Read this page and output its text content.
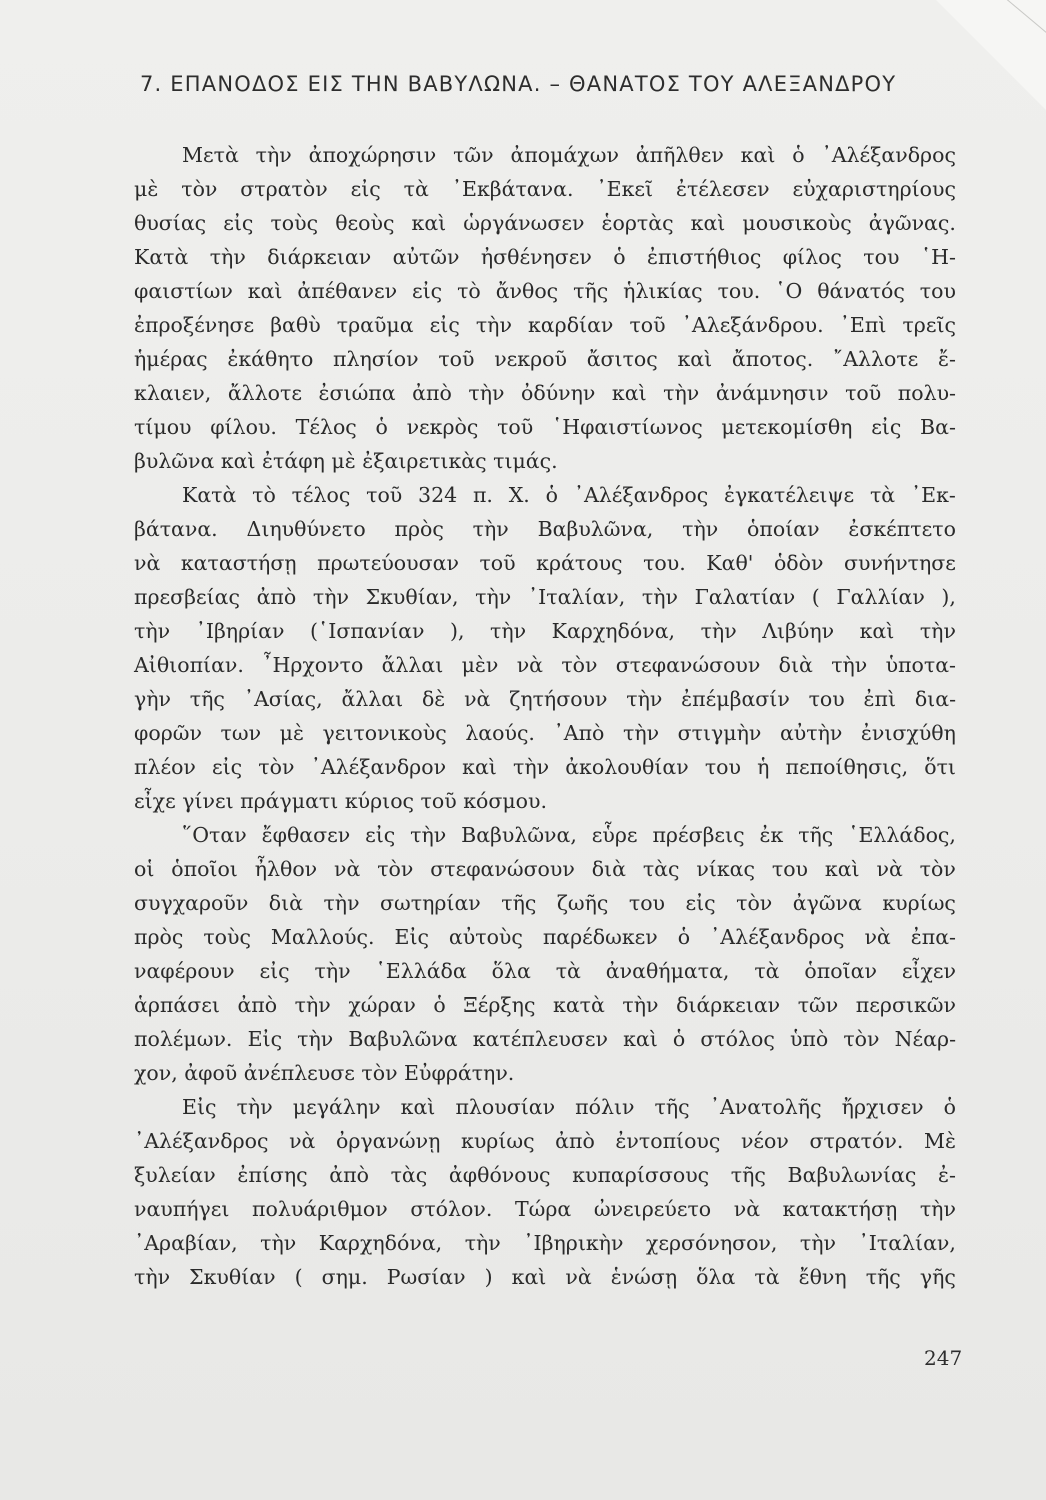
7. ΕΠΑΝΟΔΟΣ ΕΙΣ ΤΗΝ ΒΑΒΥΛΩΝΑ. – ΘΑΝΑΤΟΣ ΤΟΥ ΑΛΕΞΑΝΔΡΟΥ
Μετὰ τὴν ἀποχώρησιν τῶν ἀπομάχων ἀπῆλθεν καὶ ὁ ᾿Αλέξανδρος
μὲ τὸν στρατὸν εἰς τὰ ᾿Εκβάτανα. ᾿Εκεῖ ἐτέλεσεν εὐχαριστηρίους
θυσίας εἰς τοὺς θεοὺς καὶ ὡργάνωσεν ἑορτὰς καὶ μουσικοὺς ἀγῶνας.
Κατὰ τὴν διάρκειαν αὐτῶν ἠσθένησεν ὁ ἐπιστήθιος φίλος του ῾Η-
φαιστίων καὶ ἀπέθανεν εἰς τὸ ἄνθος τῆς ἡλικίας του. ῾Ο θάνατός του
ἐπροξένησε βαθὺ τραῦμα εἰς τὴν καρδίαν τοῦ ᾿Αλεξάνδρου. ᾿Επὶ τρεῖς
ἡμέρας ἐκάθητο πλησίον τοῦ νεκροῦ ἄσιτος καὶ ἄποτος. ῎Αλλοτε ἔ-
κλαιεν, ἄλλοτε ἐσιώπα ἀπὸ τὴν ὀδύνην καὶ τὴν ἀνάμνησιν τοῦ πολυ-
τίμου φίλου. Τέλος ὁ νεκρὸς τοῦ ῾Ηφαιστίωνος μετεκομίσθη εἰς Βα-
βυλῶνα καὶ ἐτάφη μὲ ἐξαιρετικὰς τιμάς.
Κατὰ τὸ τέλος τοῦ 324 π. Χ. ὁ ᾿Αλέξανδρος ἐγκατέλειψε τὰ ᾿Εκ-
βάτανα. Διηυθύνετο πρὸς τὴν Βαβυλῶνα, τὴν ὁποίαν ἐσκέπτετο
νὰ καταστήσῃ πρωτεύουσαν τοῦ κράτους του. Καθ' ὁδὸν συνήντησε
πρεσβείας ἀπὸ τὴν Σκυθίαν, τὴν ᾿Ιταλίαν, τὴν Γαλατίαν ( Γαλλίαν ),
τὴν ᾿Ιβηρίαν (῾Ισπανίαν ), τὴν Καρχηδόνα, τὴν Λιβύην καὶ τὴν
Αἰθιοπίαν. ῏Ηρχοντο ἄλλαι μὲν νὰ τὸν στεφανώσουν διὰ τὴν ὑποτα-
γὴν τῆς ᾿Ασίας, ἄλλαι δὲ νὰ ζητήσουν τὴν ἐπέμβασίν του ἐπὶ δια-
φορῶν των μὲ γειτονικοὺς λαούς. ᾿Απὸ τὴν στιγμὴν αὐτὴν ἐνισχύθη
πλέον εἰς τὸν ᾿Αλέξανδρον καὶ τὴν ἀκολουθίαν του ἡ πεποίθησις, ὅτι
εἶχε γίνει πράγματι κύριος τοῦ κόσμου.
῞Οταν ἔφθασεν εἰς τὴν Βαβυλῶνα, εὗρε πρέσβεις ἐκ τῆς ῾Ελλάδος,
οἱ ὁποῖοι ἦλθον νὰ τὸν στεφανώσουν διὰ τὰς νίκας του καὶ νὰ τὸν
συγχαροῦν διὰ τὴν σωτηρίαν τῆς ζωῆς του εἰς τὸν ἀγῶνα κυρίως
πρὸς τοὺς Μαλλούς. Εἰς αὐτοὺς παρέδωκεν ὁ ᾿Αλέξανδρος νὰ ἐπα-
ναφέρουν εἰς τὴν ῾Ελλάδα ὅλα τὰ ἀναθήματα, τὰ ὁποῖαν εἶχεν
ἁρπάσει ἀπὸ τὴν χώραν ὁ Ξέρξης κατὰ τὴν διάρκειαν τῶν περσικῶν
πολέμων. Εἰς τὴν Βαβυλῶνα κατέπλευσεν καὶ ὁ στόλος ὑπὸ τὸν Νέαρ-
χον, ἀφοῦ ἀνέπλευσε τὸν Εὐφράτην.
Εἰς τὴν μεγάλην καὶ πλουσίαν πόλιν τῆς ᾿Ανατολῆς ἤρχισεν ὁ
᾿Αλέξανδρος νὰ ὀργανώνῃ κυρίως ἀπὸ ἐντοπίους νέον στρατόν. Μὲ
ξυλείαν ἐπίσης ἀπὸ τὰς ἀφθόνους κυπαρίσσους τῆς Βαβυλωνίας ἐ-
ναυπήγει πολυάριθμον στόλον. Τώρα ὠνειρεύετο νὰ κατακτήσῃ τὴν
᾿Αραβίαν, τὴν Καρχηδόνα, τὴν ᾿Ιβηρικὴν χερσόνησον, τὴν ᾿Ιταλίαν,
τὴν Σκυθίαν ( σημ. Ρωσίαν ) καὶ νὰ ἑνώσῃ ὅλα τὰ ἔθνη τῆς γῆς
247
